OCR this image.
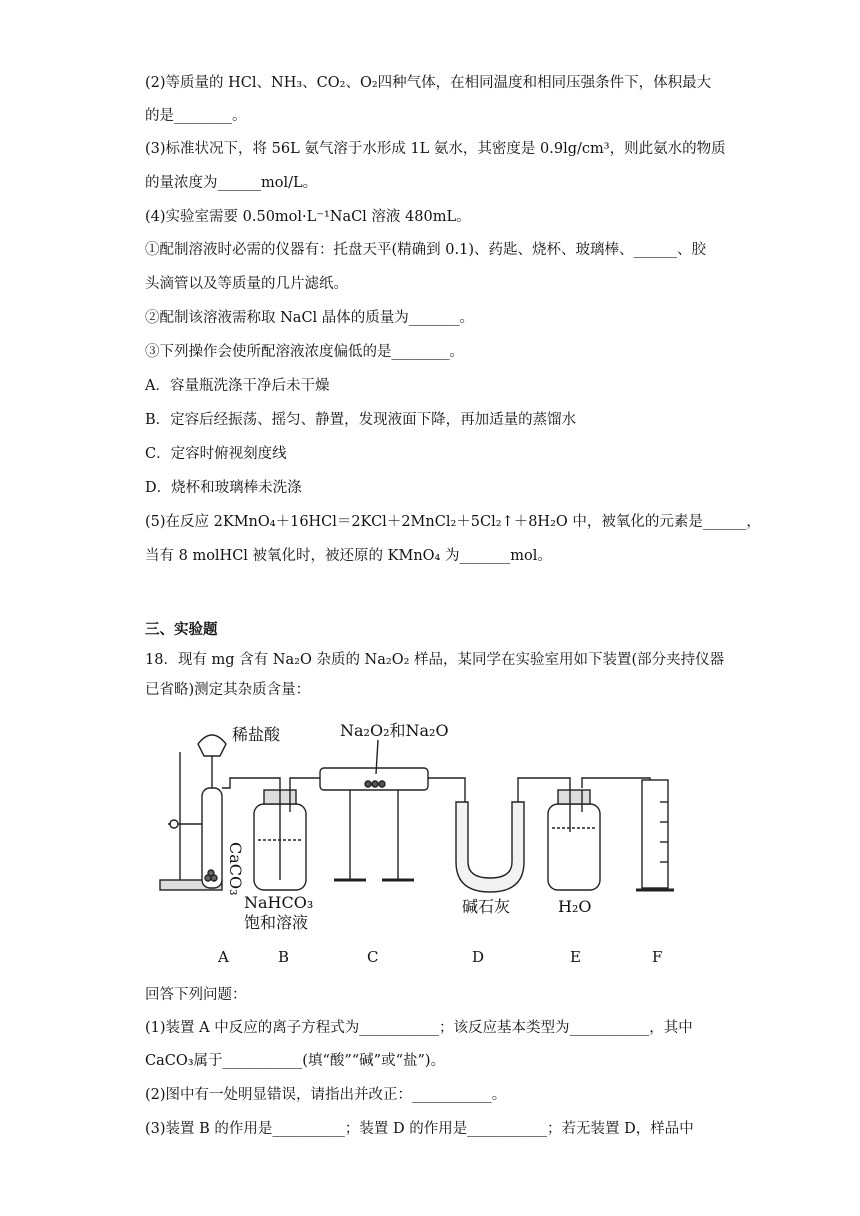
(2)等质量的 HCl、NH₃、CO₂、O₂四种气体，在相同温度和相同压强条件下，体积最大
的是________。
(3)标准状况下，将 56L 氨气溶于水形成 1L 氨水，其密度是 0.9lg/cm³，则此氨水的物质
的量浓度为______mol/L。
(4)实验室需要 0.50mol·L⁻¹NaCl 溶液 480mL。
①配制溶液时必需的仪器有：托盘天平(精确到 0.1)、药匙、烧杯、玻璃棒、______、胶
头滴管以及等质量的几片滤纸。
②配制该溶液需称取 NaCl 晶体的质量为_______。
③下列操作会使所配溶液浓度偏低的是________。
A．容量瓶洗涤干净后未干燥
B．定容后经振荡、摇匀、静置，发现液面下降，再加适量的蒸馏水
C．定容时俯视刻度线
D．烧杯和玻璃棒未洗涤
(5)在反应 2KMnO₄＋16HCl＝2KCl＋2MnCl₂＋5Cl₂↑＋8H₂O 中，被氧化的元素是______，
当有 8 molHCl 被氧化时，被还原的 KMnO₄ 为_______mol。
三、实验题
18．现有 mg 含有 Na₂O 杂质的 Na₂O₂ 样品，某同学在实验室用如下装置(部分夹持仪器
已省略)测定其杂质含量：
稀盐酸	Na₂O₂和Na₂O
CaCO₃
NaHCO₃
饱和溶液
碱石灰	H₂O
A	B	C	D	E	F
回答下列问题：
(1)装置 A 中反应的离子方程式为___________；该反应基本类型为___________，其中
CaCO₃属于___________(填“酸”“碱”或“盐”)。
(2)图中有一处明显错误，请指出并改正：___________。
(3)装置 B 的作用是__________；装置 D 的作用是___________；若无装置 D，样品中
